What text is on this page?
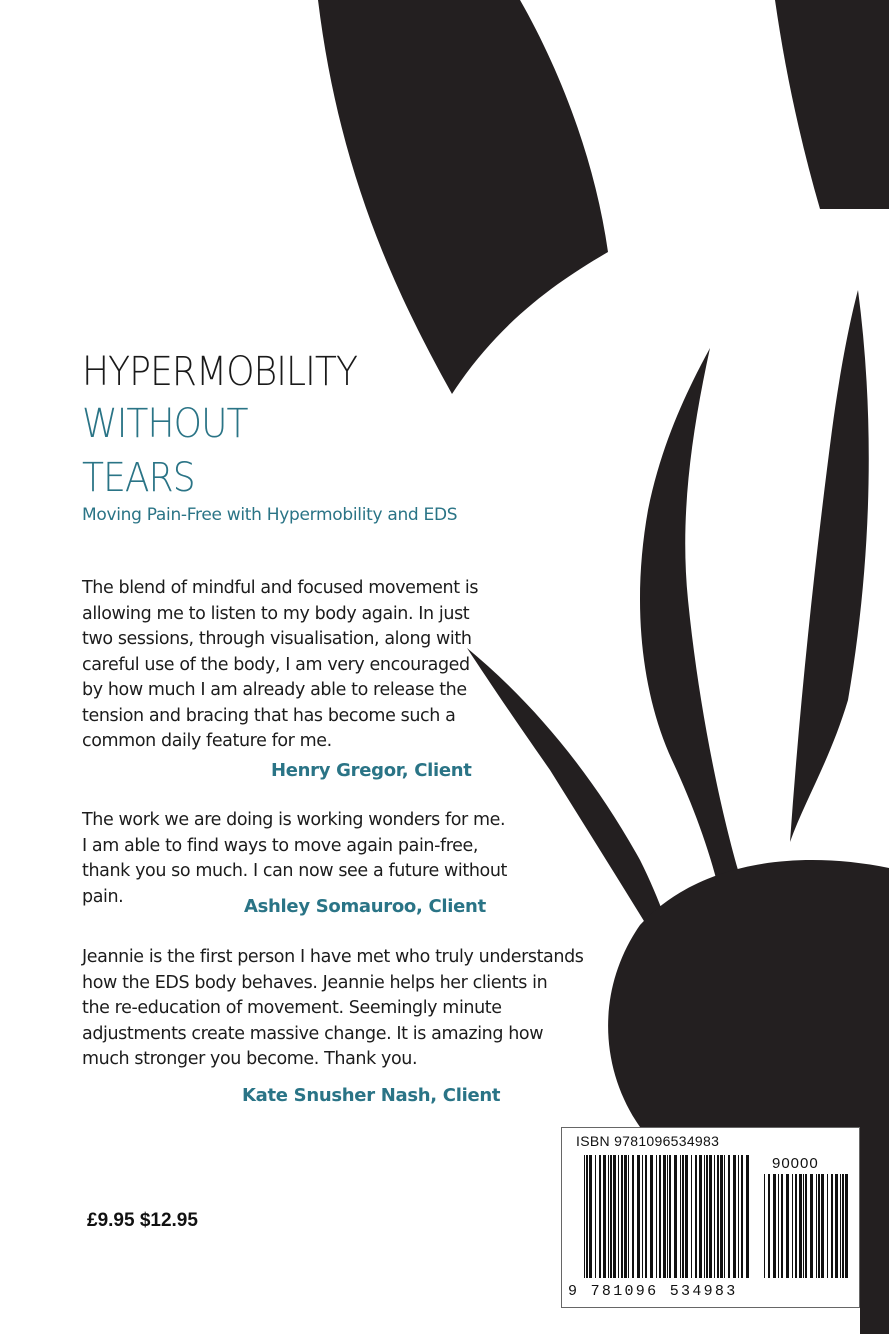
HYPERMOBILITY
WITHOUT
TEARS

Moving Pain-Free with Hypermobility and EDS

The blend of mindful and focused movement is
allowing me to listen to my body again. In just
two sessions, through visualisation, along with
careful use of the body, I am very encouraged
by how much I am already able to release the
tension and bracing that has become such a
common daily feature for me.

Henry Gregor, Client

The work we are doing is working wonders for me.
I am able to find ways to move again pain-free,
thank you so much. I can now see a future without
pain.	Ashley Somauroo, Client

Jeannie is the first person I have met who truly understands
how the EDS body behaves. Jeannie helps her clients in
the re-education of movement. Seemingly minute
adjustments create massive change. It is amazing how
much stronger you become. Thank you.

Kate Snusher Nash, Client

£9.95 $12.95

ISBN 9781096534983
90000
9 781096 534983
